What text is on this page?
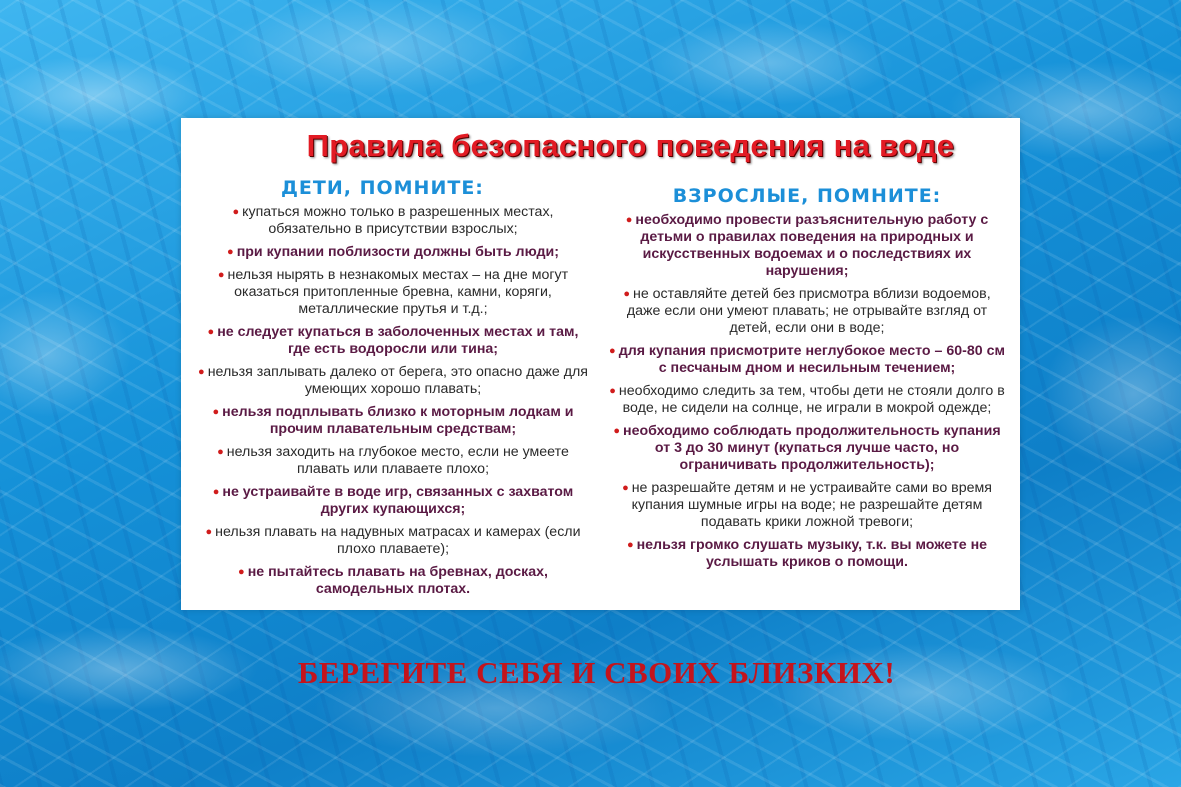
Правила безопасного поведения на воде
ДЕТИ, ПОМНИТЕ:

● купаться можно только в разрешенных местах, обязательно в присутствии взрослых;

● при купании поблизости должны быть люди;

● нельзя нырять в незнакомых местах – на дне могут оказаться притопленные бревна, камни, коряги, металлические прутья и т.д.;

● не следует купаться в заболоченных местах и там, где есть водоросли или тина;

● нельзя заплывать далеко от берега, это опасно даже для умеющих хорошо плавать;

● нельзя подплывать близко к моторным лодкам и прочим плавательным средствам;

● нельзя заходить на глубокое место, если не умеете плавать или плаваете плохо;

● не устраивайте в воде игр, связанных с захватом других купающихся;

● нельзя плавать на надувных матрасах и камерах (если плохо плаваете);

● не пытайтесь плавать на бревнах, досках, самодельных плотах.

ВЗРОСЛЫЕ, ПОМНИТЕ:

● необходимо провести разъяснительную работу с детьми о правилах поведения на природных и искусственных водоемах и о последствиях их нарушения;

● не оставляйте детей без присмотра вблизи водоемов, даже если они умеют плавать; не отрывайте взгляд от детей, если они в воде;

● для купания присмотрите неглубокое место – 60-80 см с песчаным дном и несильным течением;

● необходимо следить за тем, чтобы дети не стояли долго в воде, не сидели на солнце, не играли в мокрой одежде;

● необходимо соблюдать продолжительность купания от 3 до 30 минут (купаться лучше часто, но ограничивать продолжительность);

● не разрешайте детям и не устраивайте сами во время купания шумные игры на воде; не разрешайте детям подавать крики ложной тревоги;

● нельзя громко слушать музыку, т.к. вы можете не услышать криков о помощи.

БЕРЕГИТЕ СЕБЯ И СВОИХ БЛИЗКИХ!
